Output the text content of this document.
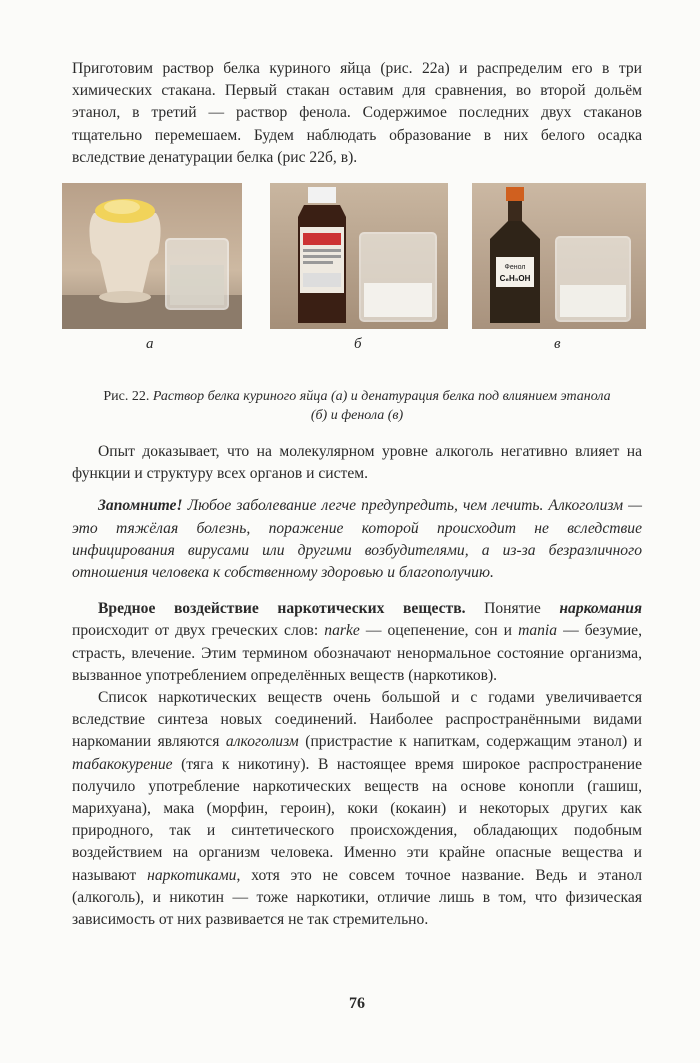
Приготовим раствор белка куриного яйца (рис. 22а) и распределим его в три химических стакана. Первый стакан оставим для сравнения, во второй дольём этанол, в третий — раствор фенола. Содержимое последних двух стаканов тщательно перемешаем. Будем наблюдать образование в них белого осадка вследствие денатурации белка (рис 22б, в).

Фенол
C₆H₅OH
а	б	в
Рис. 22. Раствор белка куриного яйца (а) и денатурация белка под влиянием этанола (б) и фенола (в)

Опыт доказывает, что на молекулярном уровне алкоголь негативно влияет на функции и структуру всех органов и систем.

Запомните! Любое заболевание легче предупредить, чем лечить. Алкоголизм — это тяжёлая болезнь, поражение которой происходит не вследствие инфицирования вирусами или другими возбудителями, а из-за безразличного отношения человека к собственному здоровью и благополучию.

Вредное воздействие наркотических веществ. Понятие наркомания происходит от двух греческих слов: narke — оцепенение, сон и mania — безумие, страсть, влечение. Этим термином обозначают ненормальное состояние организма, вызванное употреблением определённых веществ (наркотиков).

Список наркотических веществ очень большой и с годами увеличивается вследствие синтеза новых соединений. Наиболее распространёнными видами наркомании являются алкоголизм (пристрастие к напиткам, содержащим этанол) и табакокурение (тяга к никотину). В настоящее время широкое распространение получило употребление наркотических веществ на основе конопли (гашиш, марихуана), мака (морфин, героин), коки (кокаин) и некоторых других как природного, так и синтетического происхождения, обладающих подобным воздействием на организм человека. Именно эти крайне опасные вещества и называют наркотиками, хотя это не совсем точное название. Ведь и этанол (алкоголь), и никотин — тоже наркотики, отличие лишь в том, что физическая зависимость от них развивается не так стремительно.

76
